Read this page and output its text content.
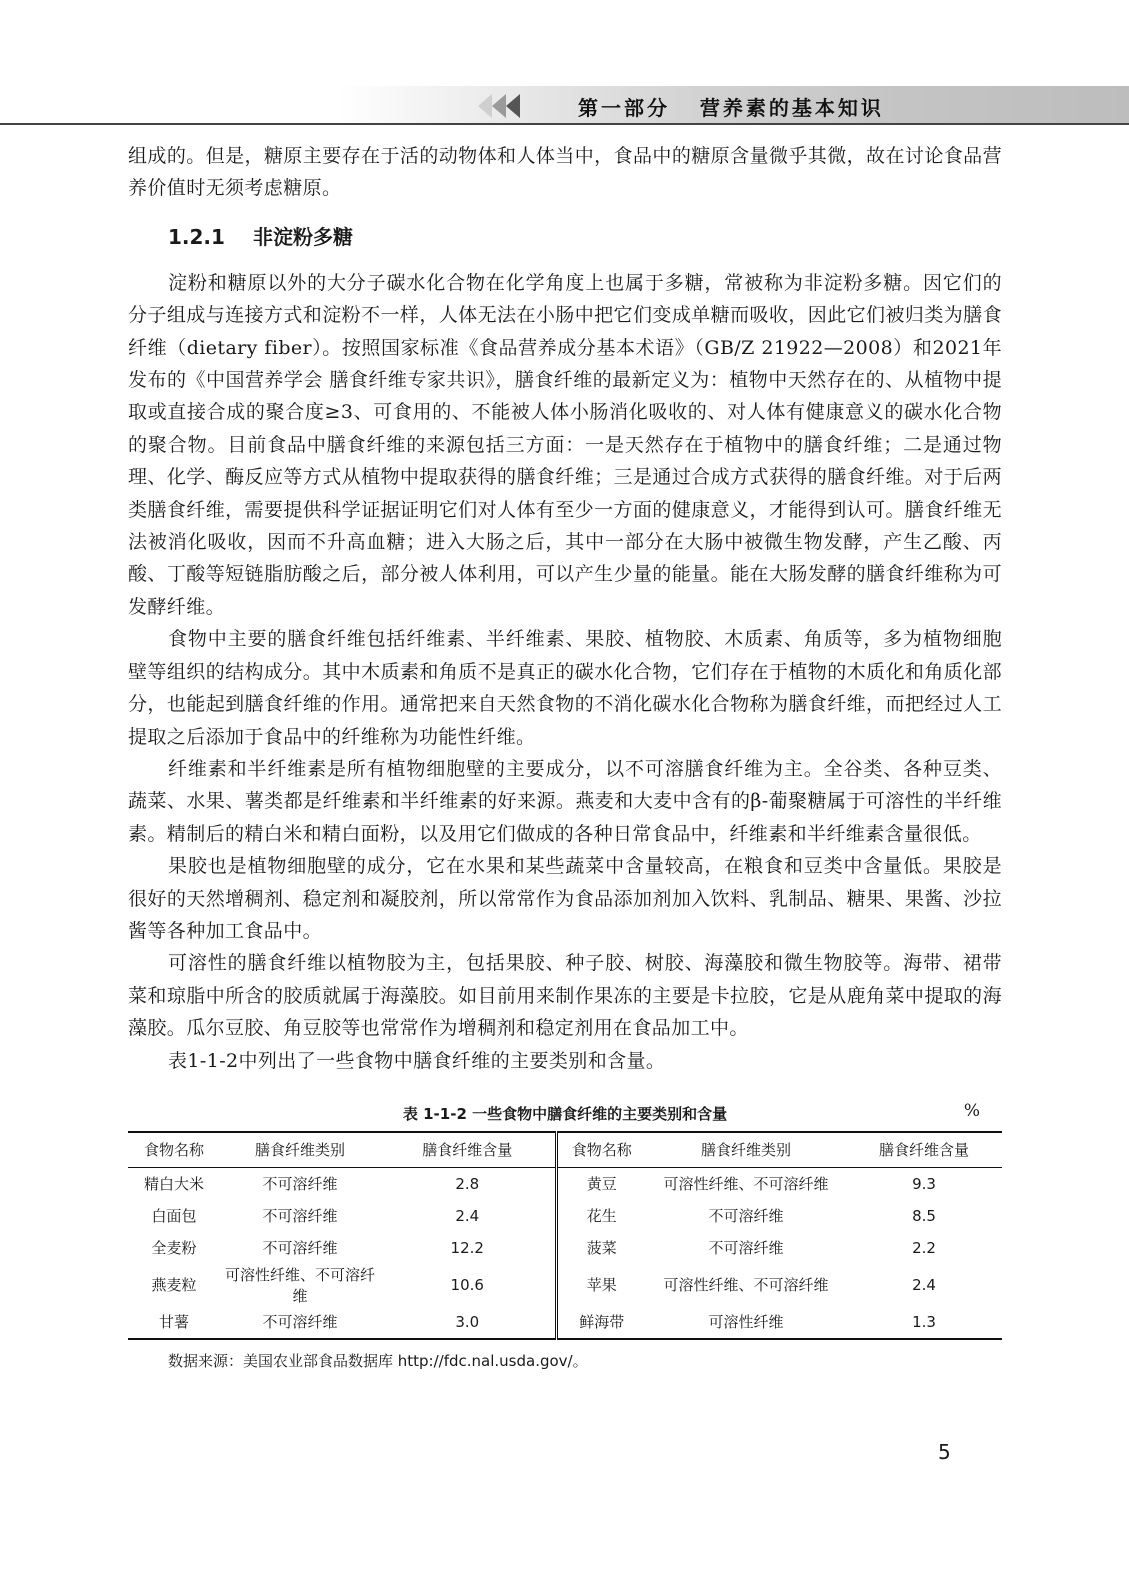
第一部分   营养素的基本知识

组成的。但是，糖原主要存在于活的动物体和人体当中，食品中的糖原含量微乎其微，故在讨论食品营养价值时无须考虑糖原。

1.2.1 非淀粉多糖

淀粉和糖原以外的大分子碳水化合物在化学角度上也属于多糖，常被称为非淀粉多糖。因它们的分子组成与连接方式和淀粉不一样，人体无法在小肠中把它们变成单糖而吸收，因此它们被归类为膳食纤维（dietary fiber）。按照国家标准《食品营养成分基本术语》（GB/Z 21922—2008）和2021年发布的《中国营养学会 膳食纤维专家共识》，膳食纤维的最新定义为：植物中天然存在的、从植物中提取或直接合成的聚合度≥3、可食用的、不能被人体小肠消化吸收的、对人体有健康意义的碳水化合物的聚合物。目前食品中膳食纤维的来源包括三方面：一是天然存在于植物中的膳食纤维；二是通过物理、化学、酶反应等方式从植物中提取获得的膳食纤维；三是通过合成方式获得的膳食纤维。对于后两类膳食纤维，需要提供科学证据证明它们对人体有至少一方面的健康意义，才能得到认可。膳食纤维无法被消化吸收，因而不升高血糖；进入大肠之后，其中一部分在大肠中被微生物发酵，产生乙酸、丙酸、丁酸等短链脂肪酸之后，部分被人体利用，可以产生少量的能量。能在大肠发酵的膳食纤维称为可发酵纤维。

食物中主要的膳食纤维包括纤维素、半纤维素、果胶、植物胶、木质素、角质等，多为植物细胞壁等组织的结构成分。其中木质素和角质不是真正的碳水化合物，它们存在于植物的木质化和角质化部分，也能起到膳食纤维的作用。通常把来自天然食物的不消化碳水化合物称为膳食纤维，而把经过人工提取之后添加于食品中的纤维称为功能性纤维。

纤维素和半纤维素是所有植物细胞壁的主要成分，以不可溶膳食纤维为主。全谷类、各种豆类、蔬菜、水果、薯类都是纤维素和半纤维素的好来源。燕麦和大麦中含有的β-葡聚糖属于可溶性的半纤维素。精制后的精白米和精白面粉，以及用它们做成的各种日常食品中，纤维素和半纤维素含量很低。

果胶也是植物细胞壁的成分，它在水果和某些蔬菜中含量较高，在粮食和豆类中含量低。果胶是很好的天然增稠剂、稳定剂和凝胶剂，所以常常作为食品添加剂加入饮料、乳制品、糖果、果酱、沙拉酱等各种加工食品中。

可溶性的膳食纤维以植物胶为主，包括果胶、种子胶、树胶、海藻胶和微生物胶等。海带、裙带菜和琼脂中所含的胶质就属于海藻胶。如目前用来制作果冻的主要是卡拉胶，它是从鹿角菜中提取的海藻胶。瓜尔豆胶、角豆胶等也常常作为增稠剂和稳定剂用在食品加工中。

表1-1-2中列出了一些食物中膳食纤维的主要类别和含量。

表 1-1-2 一些食物中膳食纤维的主要类别和含量	%
食物名称	膳食纤维类别	膳食纤维含量	食物名称	膳食纤维类别	膳食纤维含量
精白大米	不可溶纤维	2.8	黄豆	可溶性纤维、不可溶纤维	9.3
白面包	不可溶纤维	2.4	花生	不可溶纤维	8.5
全麦粉	不可溶纤维	12.2	菠菜	不可溶纤维	2.2
燕麦粒	可溶性纤维、不可溶纤维	10.6	苹果	可溶性纤维、不可溶纤维	2.4
甘薯	不可溶纤维	3.0	鲜海带	可溶性纤维	1.3
数据来源：美国农业部食品数据库 http://fdc.nal.usda.gov/。
5
